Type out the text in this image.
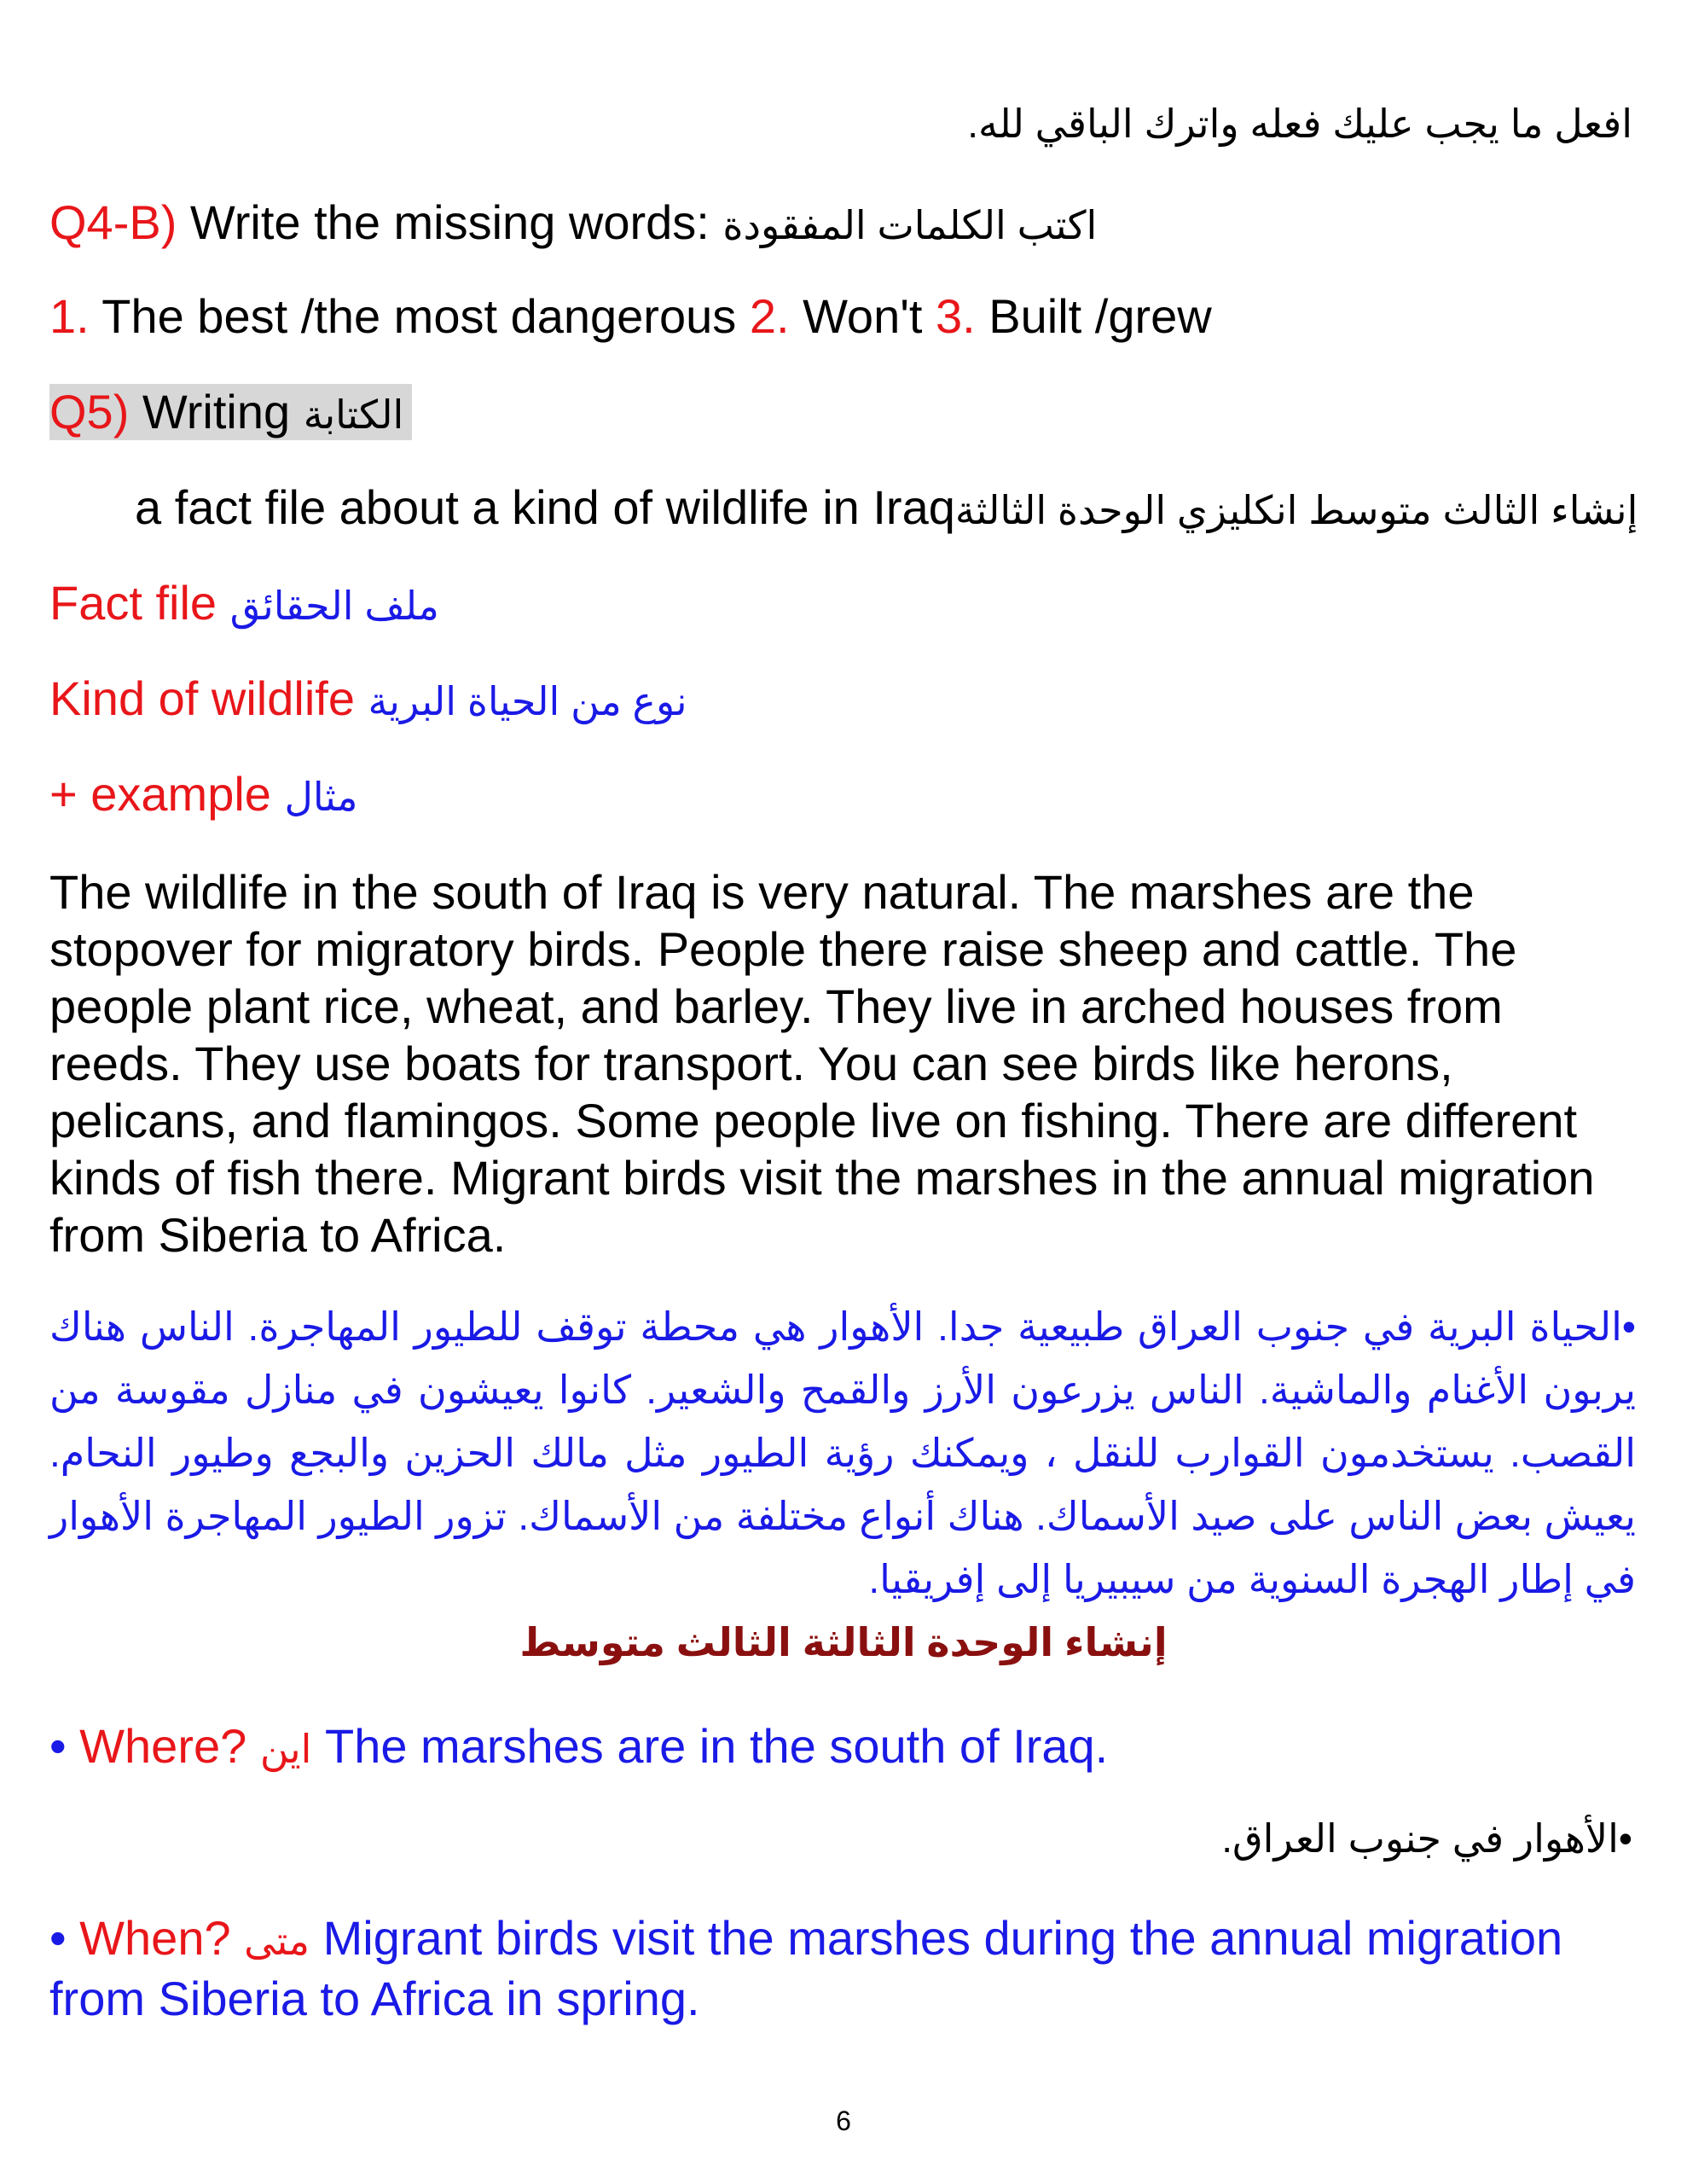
افعل ما يجب عليك فعله واترك الباقي لله.
Q4-B) Write the missing words: اكتب الكلمات المفقودة
1. The best /the most dangerous 2. Won't 3. Built /grew
Q5) Writing الكتابة
a fact file about a kind of wildlife in Iraq إنشاء الثالث متوسط انكليزي الوحدة الثالثة
Fact file ملف الحقائق
Kind of wildlife نوع من الحياة البرية
+ example مثال

The wildlife in the south of Iraq is very natural. The marshes are the stopover for migratory birds. People there raise sheep and cattle. The people plant rice, wheat, and barley. They live in arched houses from reeds. They use boats for transport. You can see birds like herons, pelicans, and flamingos. Some people live on fishing. There are different kinds of fish there. Migrant birds visit the marshes in the annual migration from Siberia to Africa.

•الحياة البرية في جنوب العراق طبيعية جدا. الأهوار هي محطة توقف للطيور المهاجرة. الناس هناك يربون الأغنام والماشية. الناس يزرعون الأرز والقمح والشعير. كانوا يعيشون في منازل مقوسة من القصب. يستخدمون القوارب للنقل ، ويمكنك رؤية الطيور مثل مالك الحزين والبجع وطيور النحام. يعيش بعض الناس على صيد الأسماك. هناك أنواع مختلفة من الأسماك. تزور الطيور المهاجرة الأهوار في إطار الهجرة السنوية من سيبيريا إلى إفريقيا.

إنشاء الوحدة الثالثة الثالث متوسط
• Where? اين The marshes are in the south of Iraq.
•الأهوار في جنوب العراق.

• When? متى Migrant birds visit the marshes during the annual migration from Siberia to Africa in spring.

6
